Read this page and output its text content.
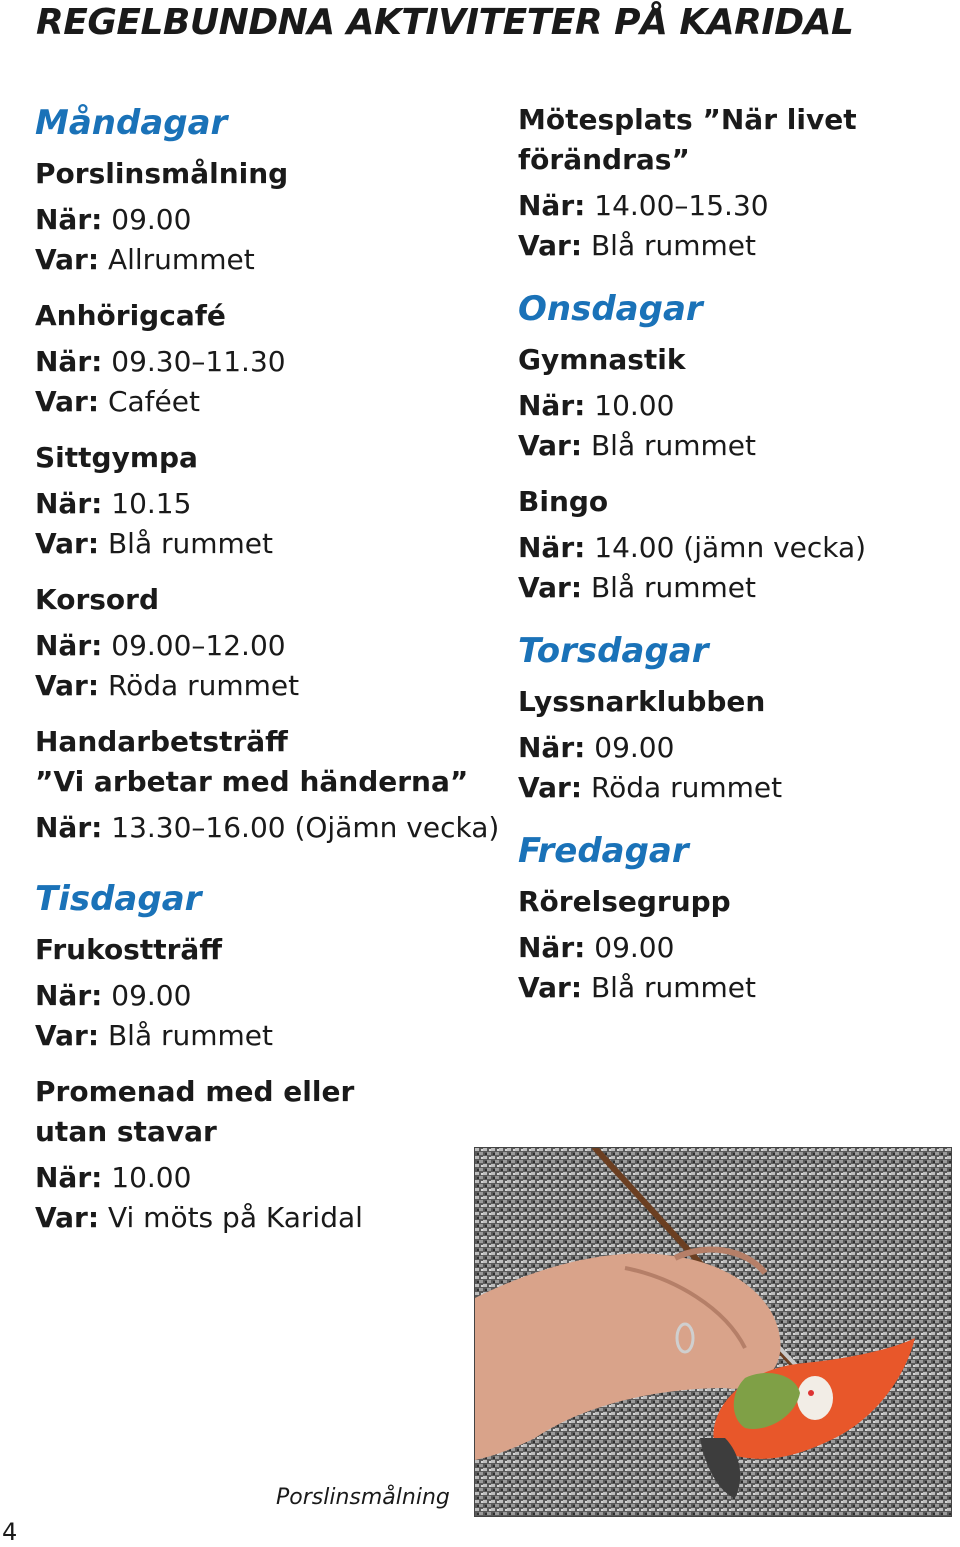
REGELBUNDNA AKTIVITETER PÅ KARIDAL
Måndagar
Porslinsmålning
När: 09.00
Var: Allrummet
Anhörigcafé
När: 09.30–11.30
Var: Caféet
Sittgympa
När: 10.15
Var: Blå rummet
Korsord
När: 09.00–12.00
Var: Röda rummet
Handarbetsträff
”Vi arbetar med händerna”
När: 13.30–16.00 (Ojämn vecka)
Tisdagar
Frukostträff
När: 09.00
Var: Blå rummet
Promenad med eller
utan stavar
När: 10.00
Var: Vi möts på Karidal
Mötesplats ”När livet
förändras”
När: 14.00–15.30
Var: Blå rummet
Onsdagar
Gymnastik
När: 10.00
Var: Blå rummet
Bingo
När: 14.00 (jämn vecka)
Var: Blå rummet
Torsdagar
Lyssnarklubben
När: 09.00
Var: Röda rummet
Fredagar
Rörelsegrupp
När: 09.00
Var: Blå rummet
Porslinsmålning
4
